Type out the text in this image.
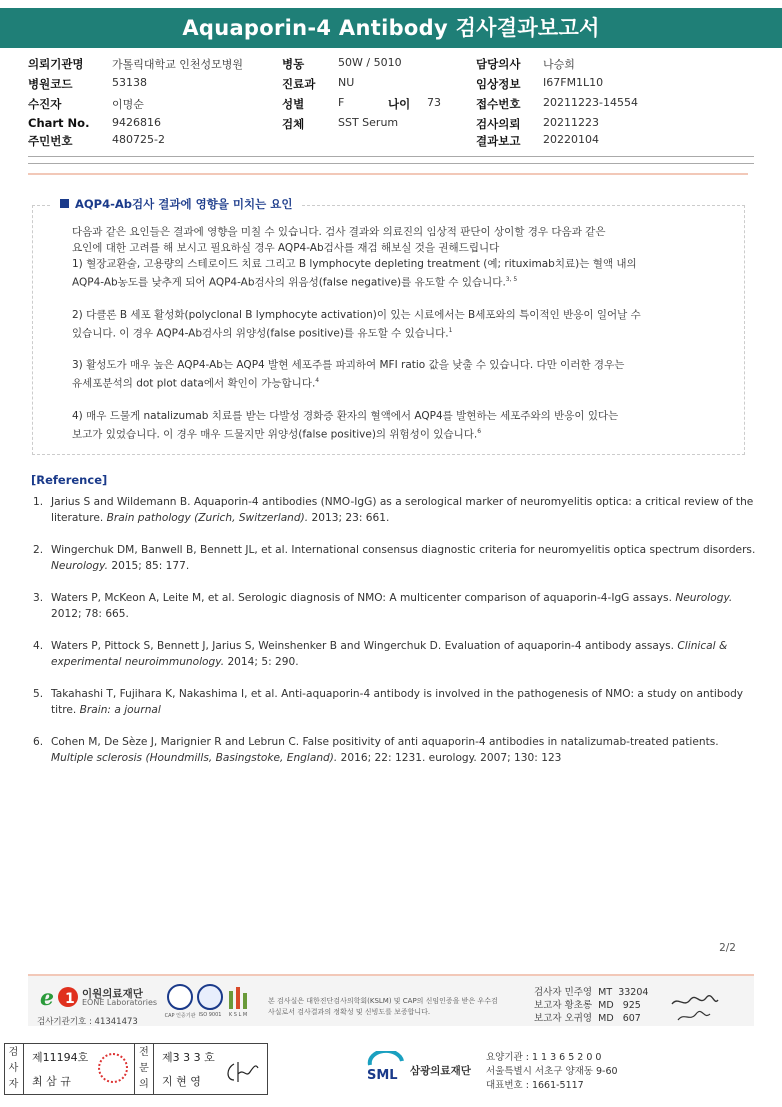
Aquaporin-4 Antibody 검사결과보고서
의뢰기관명	가톨릭대학교 인천성모병원
병원코드	53138
수진자	이명순
Chart No. 9426816
주민번호	480725-2
병동	50W / 5010
진료과 NU
성별	F	나이 73
검체	SST Serum
담당의사 나승희
임상정보 I67FM1L10
접수번호 20211223-14554
검사의뢰 20211223
결과보고 20220104
AQP4-Ab검사 결과에 영향을 미치는 요인

다음과 같은 요인들은 결과에 영향을 미칠 수 있습니다. 검사 결과와 의료진의 임상적 판단이 상이할 경우 다음과 같은
요인에 대한 고려를 해 보시고 필요하실 경우 AQP4-Ab검사를 재검 해보실 것을 권해드립니다

1) 혈장교환술, 고용량의 스테로이드 치료 그리고 B lymphocyte depleting treatment (예; rituximab치료)는 혈액 내의
AQP4-Ab농도를 낮추게 되어 AQP4-Ab검사의 위음성(false negative)를 유도할 수 있습니다.$^{3, 5}$

2) 다클론 B 세포 활성화(polyclonal B lymphocyte activation)이 있는 시료에서는 B세포와의 특이적인 반응이 일어날 수
있습니다. 이 경우 AQP4-Ab검사의 위양성(false positive)를 유도할 수 있습니다.$^1$

3) 활성도가 매우 높은 AQP4-Ab는 AQP4 발현 세포주를 파괴하여 MFI ratio 값을 낮출 수 있습니다. 다만 이러한 경우는
유세포분석의 dot plot data에서 확인이 가능합니다.$^4$

4) 매우 드물게 natalizumab 치료를 받는 다발성 경화증 환자의 혈액에서 AQP4를 발현하는 세포주와의 반응이 있다는
보고가 있었습니다. 이 경우 매우 드물지만 위양성(false positive)의 위험성이 있습니다.$^6$

[Reference]
1. Jarius S and Wildemann B. Aquaporin-4 antibodies (NMO-IgG) as a serological marker of neuromyelitis optica: a critical review of the literature. Brain pathology (Zurich, Switzerland). 2013; 23: 661.
2. Wingerchuk DM, Banwell B, Bennett JL, et al. International consensus diagnostic criteria for neuromyelitis optica spectrum disorders. Neurology. 2015; 85: 177.
3. Waters P, McKeon A, Leite M, et al. Serologic diagnosis of NMO: A multicenter comparison of aquaporin-4-IgG assays. Neurology. 2012; 78: 665.
4. Waters P, Pittock S, Bennett J, Jarius S, Weinshenker B and Wingerchuk D. Evaluation of aquaporin-4 antibody assays. Clinical & experimental neuroimmunology. 2014; 5: 290.
5. Takahashi T, Fujihara K, Nakashima I, et al. Anti-aquaporin-4 antibody is involved in the pathogenesis of NMO: a study on antibody titre. Brain: a journal
6. Cohen M, De Sèze J, Marignier R and Lebrun C. False positivity of anti aquaporin-4 antibodies in natalizumab-treated patients. Multiple sclerosis (Houndmills, Basingstoke, England). 2016; 22: 1231. eurology. 2007; 130: 123
2/2
e 1 이원의료재단
EONE Laboratories
검사기관기호 : 41341473
CAP 인증기관 ISO 9001	K S L M
본 검사실은 대한진단검사의학회(KSLM) 및 CAP의 신임인증을 받은 우수검사실로서 검사결과의 정확성 및 신빙도를 보증합니다.
검사자 민주영 MT 33204
보고자 황초롱 MD 925
보고자 오귀영 MD 607
검사자
제11194호
최 삼 규
전문의
제3 3 3 호
지 현 영	SML 삼광의료재단
요양기관 : 1 1 3 6 5 2 0 0
서울특별시 서초구 양재동 9-60
대표번호 : 1661-5117
